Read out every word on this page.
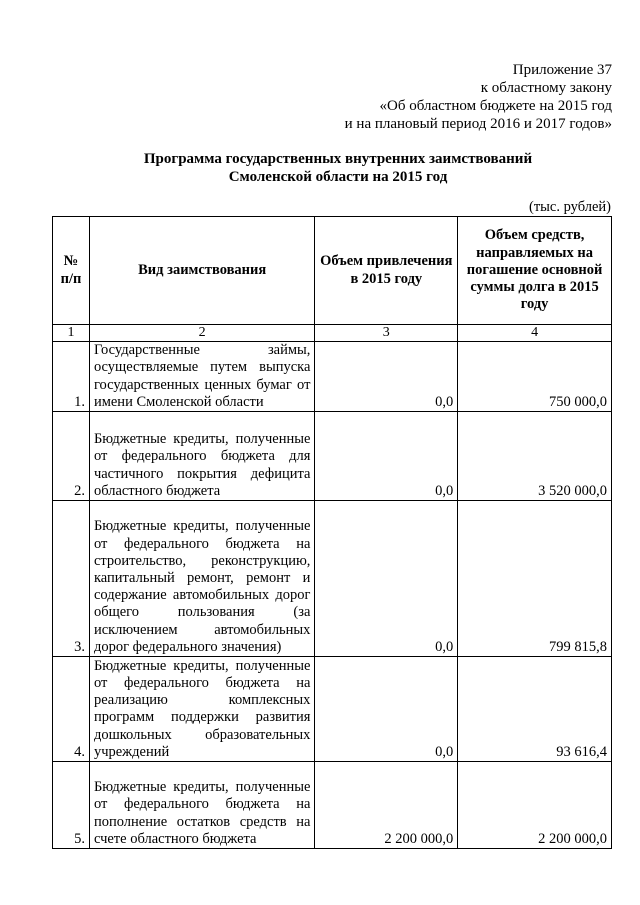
Приложение 37
к областному закону
«Об областном бюджете на 2015 год
и на плановый период 2016 и 2017 годов»
Программа государственных внутренних заимствований
Смоленской области на 2015 год
(тыс. рублей)
№ п/п	Вид заимствования	Объем привлечения в 2015 году	Объем средств, направляемых на погашение основной суммы долга в 2015 году
1	2	3	4
1.	Государственные займы, осуществляемые путем выпуска государственных ценных бумаг от имени Смоленской области	0,0	750 000,0
2.	Бюджетные кредиты, полученные от федерального бюджета для частичного покрытия дефицита областного бюджета	0,0	3 520 000,0
3.	Бюджетные кредиты, полученные от федерального бюджета на строительство, реконструкцию, капитальный ремонт, ремонт и содержание автомобильных дорог общего пользования (за исключением автомобильных дорог федерального значения)	0,0	799 815,8
4.	Бюджетные кредиты, полученные от федерального бюджета на реализацию комплексных программ поддержки развития дошкольных образовательных учреждений	0,0	93 616,4
5.	Бюджетные кредиты, полученные от федерального бюджета на пополнение остатков средств на счете областного бюджета	2 200 000,0	2 200 000,0
